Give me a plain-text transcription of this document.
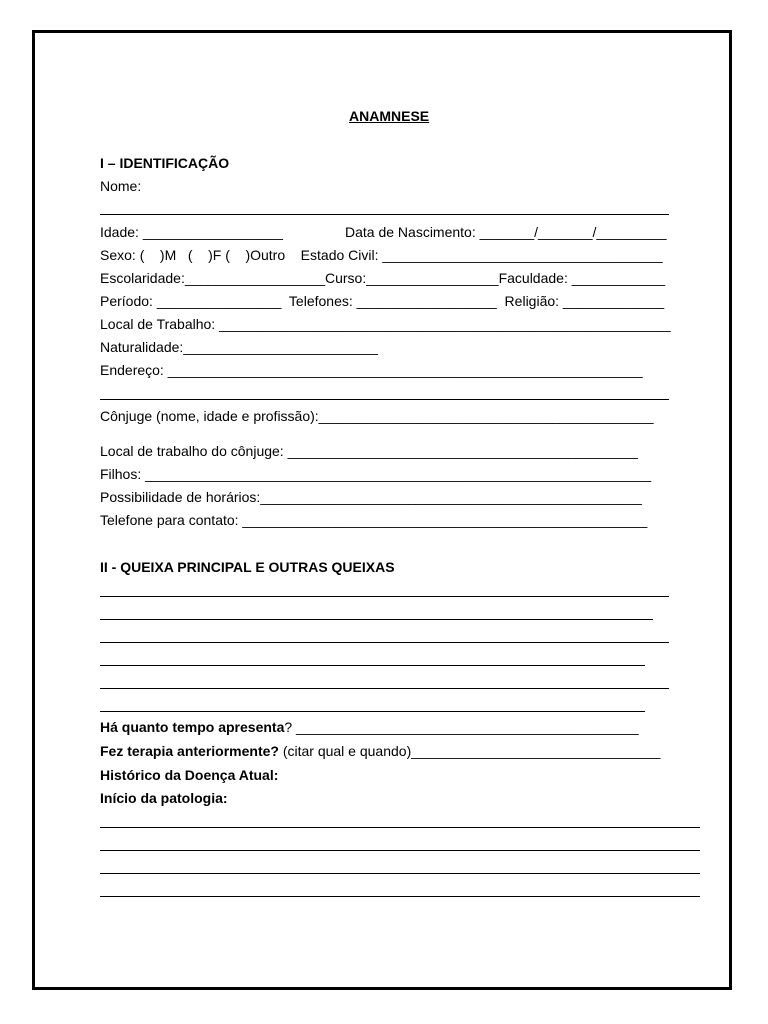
ANAMNESE
I – IDENTIFICAÇÃO
Nome:
Idade: __________________	Data de Nascimento: _______/_______/_________
Sexo: (    )M   (    )F (    )Outro    Estado Civil: ____________________________________
Escolaridade:__________________Curso:_________________Faculdade: ____________
Período: ________________  Telefones: __________________  Religião: _____________
Local de Trabalho: __________________________________________________________
Naturalidade:_________________________
Endereço: _____________________________________________________________
Cônjuge (nome, idade e profissão):___________________________________________
Local de trabalho do cônjuge: _____________________________________________
Filhos: _________________________________________________________________
Possibilidade de horários:_________________________________________________
Telefone para contato: ____________________________________________________
II - QUEIXA PRINCIPAL E OUTRAS QUEIXAS
Há quanto tempo apresenta? ____________________________________________
Fez terapia anteriormente? (citar qual e quando)________________________________
Histórico da Doença Atual:
Início da patologia:
